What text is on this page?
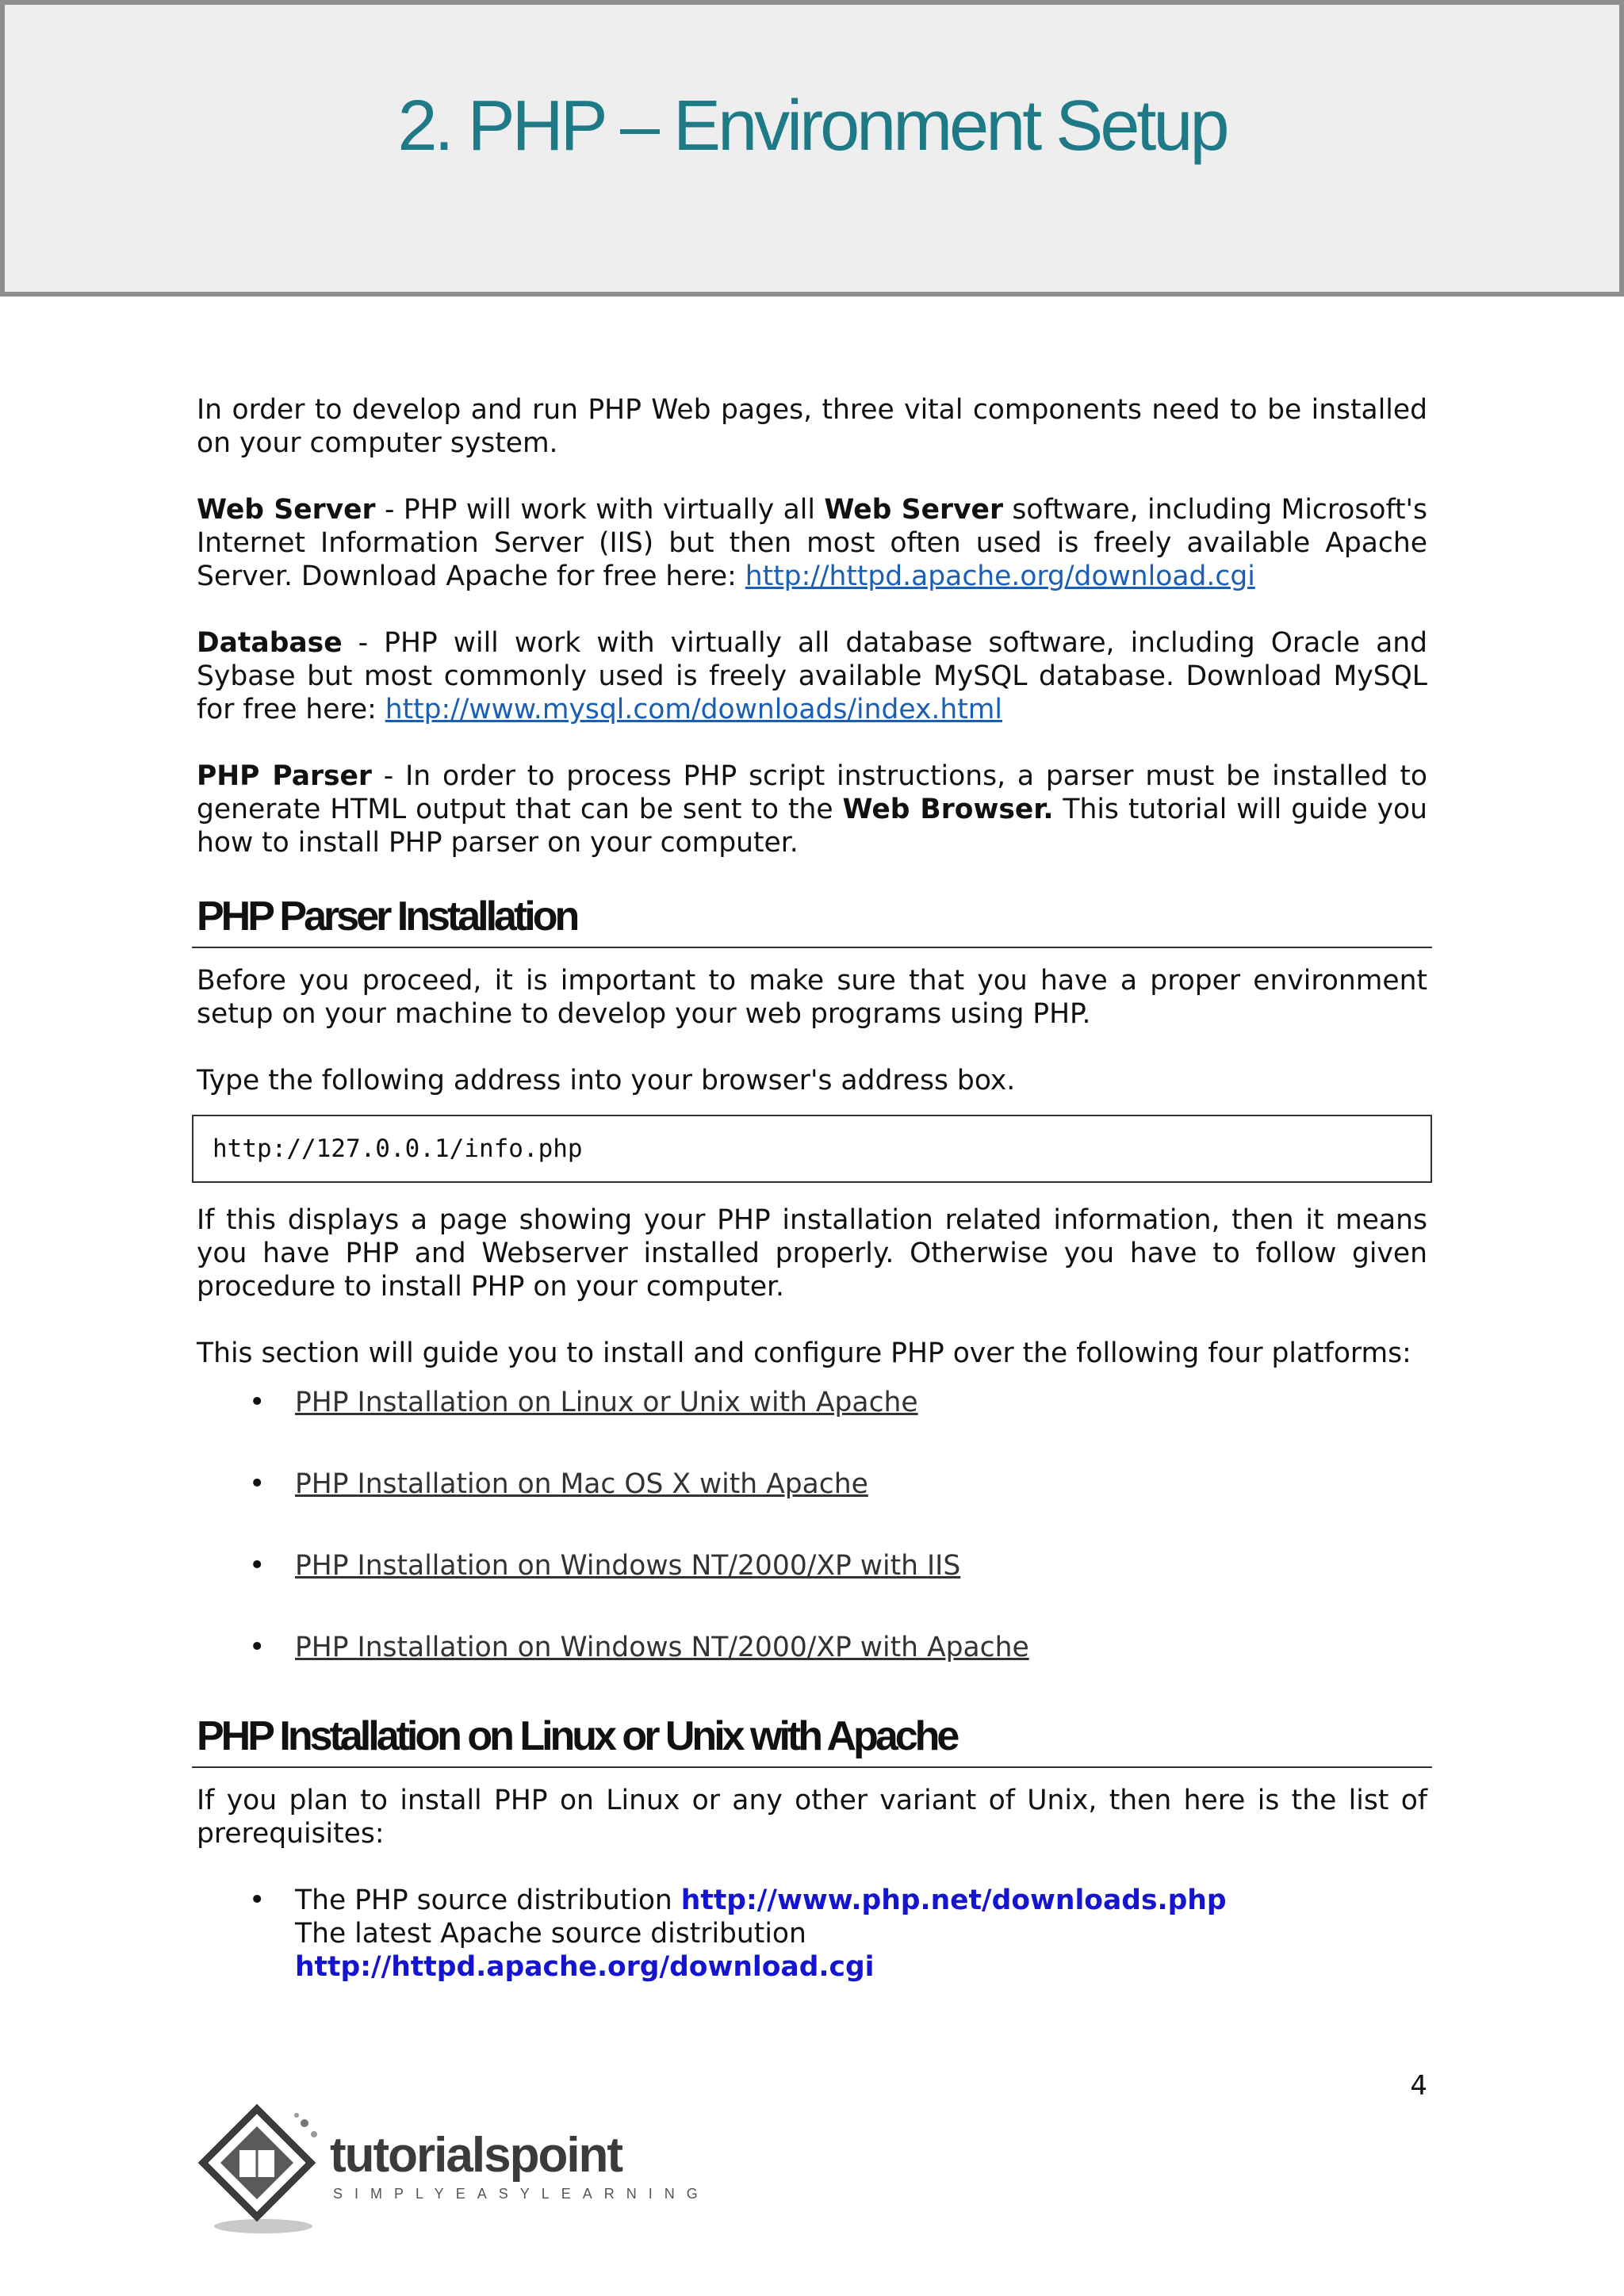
2. PHP – Environment Setup

In order to develop and run PHP Web pages, three vital components need to be installed on your computer system.

Web Server - PHP will work with virtually all Web Server software, including Microsoft's Internet Information Server (IIS) but then most often used is freely available Apache Server. Download Apache for free here: http://httpd.apache.org/download.cgi

Database - PHP will work with virtually all database software, including Oracle and Sybase but most commonly used is freely available MySQL database. Download MySQL for free here: http://www.mysql.com/downloads/index.html

PHP Parser - In order to process PHP script instructions, a parser must be installed to generate HTML output that can be sent to the Web Browser. This tutorial will guide you how to install PHP parser on your computer.

PHP Parser Installation

Before you proceed, it is important to make sure that you have a proper environment setup on your machine to develop your web programs using PHP.

Type the following address into your browser's address box.

http://127.0.0.1/info.php

If this displays a page showing your PHP installation related information, then it means you have PHP and Webserver installed properly. Otherwise you have to follow given procedure to install PHP on your computer.

This section will guide you to install and configure PHP over the following four platforms:

• PHP Installation on Linux or Unix with Apache
• PHP Installation on Mac OS X with Apache
• PHP Installation on Windows NT/2000/XP with IIS
• PHP Installation on Windows NT/2000/XP with Apache
PHP Installation on Linux or Unix with Apache

If you plan to install PHP on Linux or any other variant of Unix, then here is the list of prerequisites:

• The PHP source distribution http://www.php.net/downloads.php
The latest Apache source distribution
http://httpd.apache.org/download.cgi
4
tutorialspoint
SIMPLYEASYLEARNING
